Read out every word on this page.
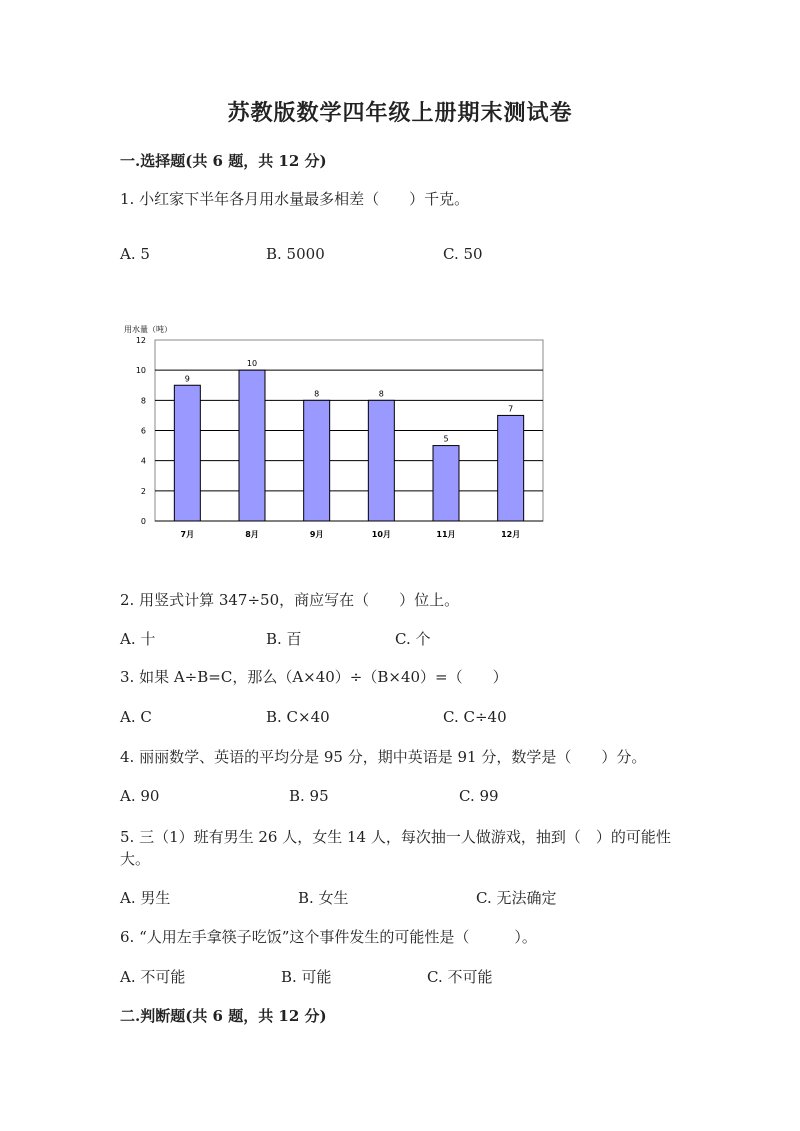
苏教版数学四年级上册期末测试卷
一.选择题(共 6 题，共 12 分)
1. 小红家下半年各月用水量最多相差（　　）千克。
A. 5	B. 5000	C. 50
用水量（吨）
0
2
4
6
8
10
12
9
10
8	8
5
7
7月	8月	9月	10月	11月	12月
2. 用竖式计算 347÷50，商应写在（　　）位上。
A. 十	B. 百	C. 个
3. 如果 A÷B=C，那么（A×40）÷（B×40）=（　　）
A. C	B. C×40	C. C÷40
4. 丽丽数学、英语的平均分是 95 分，期中英语是 91 分，数学是（　　）分。
A. 90	B. 95	C. 99
5. 三（1）班有男生 26 人，女生 14 人，每次抽一人做游戏，抽到（　）的可能性大。
A. 男生	B. 女生	C. 无法确定
6. “人用左手拿筷子吃饭”这个事件发生的可能性是（　　　）。
A. 不可能	B. 可能	C. 不可能
二.判断题(共 6 题，共 12 分)
